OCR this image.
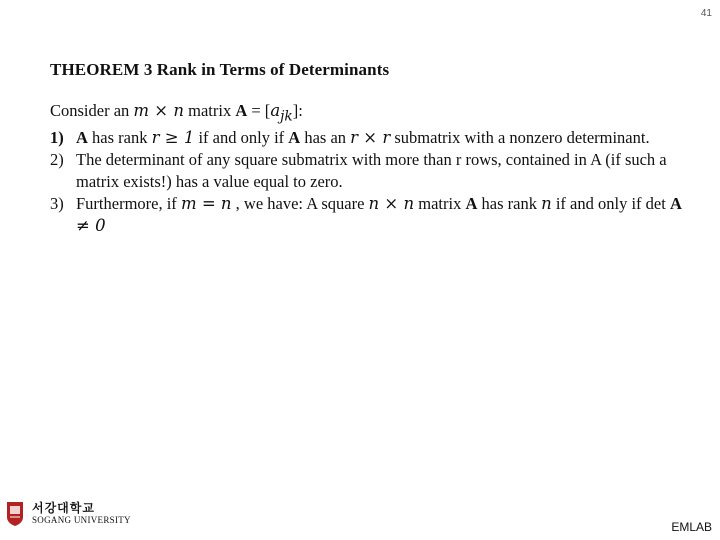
41
THEOREM 3 Rank in Terms of Determinants

Consider an m × n matrix $A = [a_{jk}]$:

1) A has rank r ≥ 1 if and only if A has an r × r submatrix with a nonzero determinant.
2) The determinant of any square submatrix with more than r rows, contained in A (if such a matrix exists!) has a value equal to zero.
3) Furthermore, if m = n , we have: A square n × n matrix A has rank n if and only if det A ≠ 0
서강대학교
SOGANG UNIVERSITY	EMLAB
